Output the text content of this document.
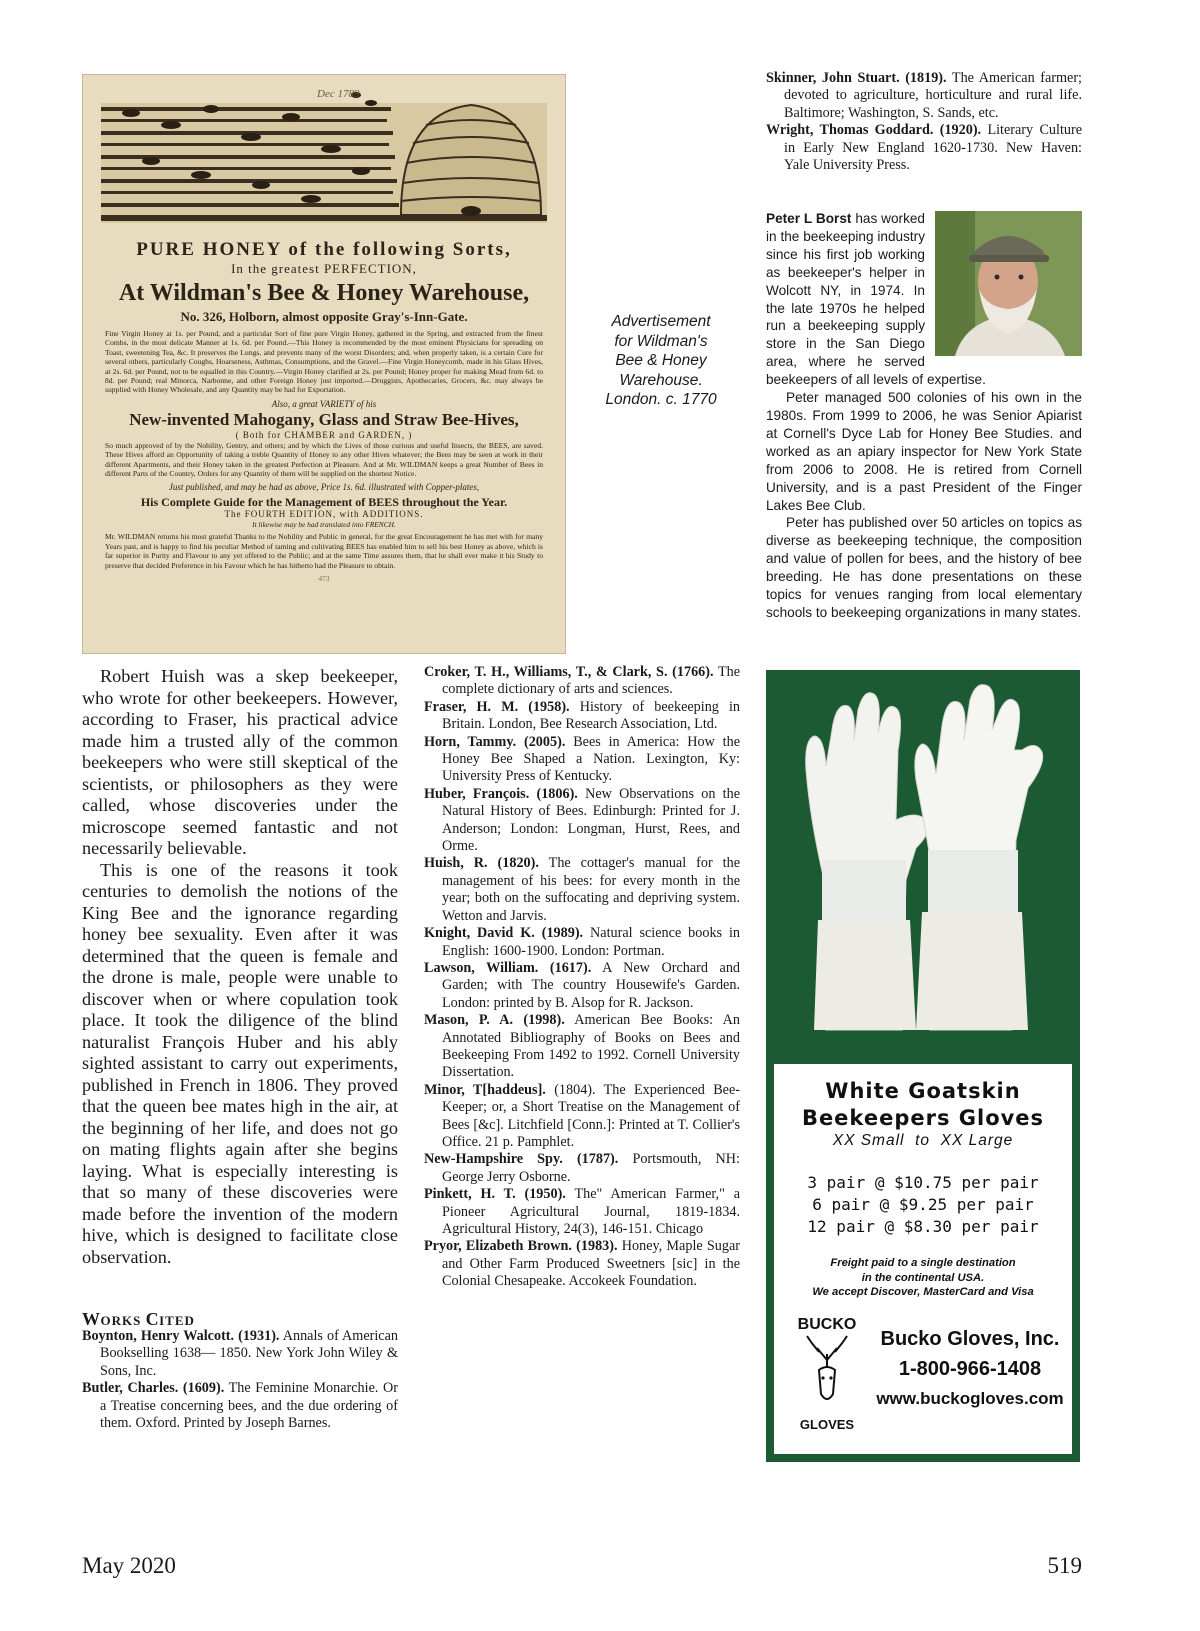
Dec 1789

PURE HONEY of the following Sorts,

In the greatest PERFECTION,

At Wildman's Bee & Honey Warehouse,

No. 326, Holborn, almost opposite Gray's-Inn-Gate.

Fine Virgin Honey at 1s. per Pound, and a particular Sort of fine pure Virgin Honey, gathered in the Spring, and extracted from the finest Combs, in the most delicate Manner at 1s. 6d. per Pound.—This Honey is recommended by the most eminent Physicians for spreading on Toast, sweetening Tea, &c. It preserves the Lungs, and prevents many of the worst Disorders; and, when properly taken, is a certain Cure for several others, particularly Coughs, Hoarseness, Asthmas, Consumptions, and the Gravel.—Fine Virgin Honeycomb, made in his Glass Hives, at 2s. 6d. per Pound, not to be equalled in this Country.—Virgin Honey clarified at 2s. per Pound; Honey proper for making Mead from 6d. to 8d. per Pound; real Minorca, Narbonne, and other Foreign Honey just imported.—Druggists, Apothecaries, Grocers, &c. may always be supplied with Honey Wholesale, and any Quantity may be had for Exportation.

Also, a great VARIETY of his

New-invented Mahogany, Glass and Straw Bee-Hives,

( Both for CHAMBER and GARDEN, )

So much approved of by the Nobility, Gentry, and others; and by which the Lives of those curious and useful Insects, the BEES, are saved. These Hives afford an Opportunity of taking a treble Quantity of Honey to any other Hives whatever; the Bees may be seen at work in their different Apartments, and their Honey taken in the greatest Perfection at Pleasure. And at Mr. WILDMAN keeps a great Number of Bees in different Parts of the Country, Orders for any Quantity of them will be supplied on the shortest Notice.

Just published, and may be had as above, Price 1s. 6d. illustrated with Copper-plates,

His Complete Guide for the Management of BEES throughout the Year.

The FOURTH EDITION, with ADDITIONS.

It likewise may be had translated into FRENCH.

Mr. WILDMAN returns his most grateful Thanks to the Nobility and Public in general, for the great Encouragement he has met with for many Years past, and is happy to find his peculiar Method of taming and cultivating BEES has enabled him to sell his best Honey as above, which is far superior in Purity and Flavour to any yet offered to the Public; and at the same Time assures them, that he shall ever make it his Study to preserve that decided Preference in his Favour which he has hitherto had the Pleasure to obtain.

473

Advertisement
for Wildman's
Bee & Honey
Warehouse.
London. c. 1770

Skinner, John Stuart. (1819). The American farmer; devoted to agriculture, horticulture and rural life. Baltimore; Washington, S. Sands, etc.

Wright, Thomas Goddard. (1920). Literary Culture in Early New England 1620-1730. New Haven: Yale University Press.

Peter L Borst has worked in the beekeeping industry since his first job working as beekeeper's helper in Wolcott NY, in 1974. In the late 1970s he helped run a beekeeping supply store in the San Diego area, where he served beekeepers of all levels of expertise.

Peter managed 500 colonies of his own in the 1980s. From 1999 to 2006, he was Senior Apiarist at Cornell's Dyce Lab for Honey Bee Studies. and worked as an apiary inspector for New York State from 2006 to 2008. He is retired from Cornell University, and is a past President of the Finger Lakes Bee Club.

Peter has published over 50 articles on topics as diverse as beekeeping technique, the composition and value of pollen for bees, and the history of bee breeding. He has done presentations on these topics for venues ranging from local elementary schools to beekeeping organizations in many states.

Robert Huish was a skep beekeeper, who wrote for other beekeepers. However, according to Fraser, his practical advice made him a trusted ally of the common beekeepers who were still skeptical of the scientists, or philosophers as they were called, whose discoveries under the microscope seemed fantastic and not necessarily believable.

This is one of the reasons it took centuries to demolish the notions of the King Bee and the ignorance regarding honey bee sexuality. Even after it was determined that the queen is female and the drone is male, people were unable to discover when or where copulation took place. It took the diligence of the blind naturalist François Huber and his ably sighted assistant to carry out experiments, published in French in 1806. They proved that the queen bee mates high in the air, at the beginning of her life, and does not go on mating flights again after she begins laying. What is especially interesting is that so many of these discoveries were made before the invention of the modern hive, which is designed to facilitate close observation.

WORKS CITED

Boynton, Henry Walcott. (1931). Annals of American Bookselling 1638— 1850. New York John Wiley & Sons, Inc.

Butler, Charles. (1609). The Feminine Monarchie. Or a Treatise concerning bees, and the due ordering of them. Oxford. Printed by Joseph Barnes.

Croker, T. H., Williams, T., & Clark, S. (1766). The complete dictionary of arts and sciences.

Fraser, H. M. (1958). History of beekeeping in Britain. London, Bee Research Association, Ltd.

Horn, Tammy. (2005). Bees in America: How the Honey Bee Shaped a Nation. Lexington, Ky: University Press of Kentucky.

Huber, François. (1806). New Observations on the Natural History of Bees. Edinburgh: Printed for J. Anderson; London: Longman, Hurst, Rees, and Orme.

Huish, R. (1820). The cottager's manual for the management of his bees: for every month in the year; both on the suffocating and depriving system. Wetton and Jarvis.

Knight, David K. (1989). Natural science books in English: 1600-1900. London: Portman.

Lawson, William. (1617). A New Orchard and Garden; with The country Housewife's Garden. London: printed by B. Alsop for R. Jackson.

Mason, P. A. (1998). American Bee Books: An Annotated Bibliography of Books on Bees and Beekeeping From 1492 to 1992. Cornell University Dissertation.

Minor, T[haddeus]. (1804). The Experienced Bee-Keeper; or, a Short Treatise on the Management of Bees [&c]. Litchfield [Conn.]: Printed at T. Collier's Office. 21 p. Pamphlet.

New-Hampshire Spy. (1787). Portsmouth, NH: George Jerry Osborne.

Pinkett, H. T. (1950). The" American Farmer," a Pioneer Agricultural Journal, 1819-1834. Agricultural History, 24(3), 146-151. Chicago

Pryor, Elizabeth Brown. (1983). Honey, Maple Sugar and Other Farm Produced Sweetners [sic] in the Colonial Chesapeake. Accokeek Foundation.

White Goatskin

Beekeepers Gloves

XX Small  to  XX Large

3 pair @ $10.75 per pair

6 pair @ $9.25 per pair

12 pair @ $8.30 per pair

Freight paid to a single destination

in the continental USA.

We accept Discover, MasterCard and Visa

BUCKO
GLOVES

Bucko Gloves, Inc.

1-800-966-1408

www.buckogloves.com

May 2020	519
